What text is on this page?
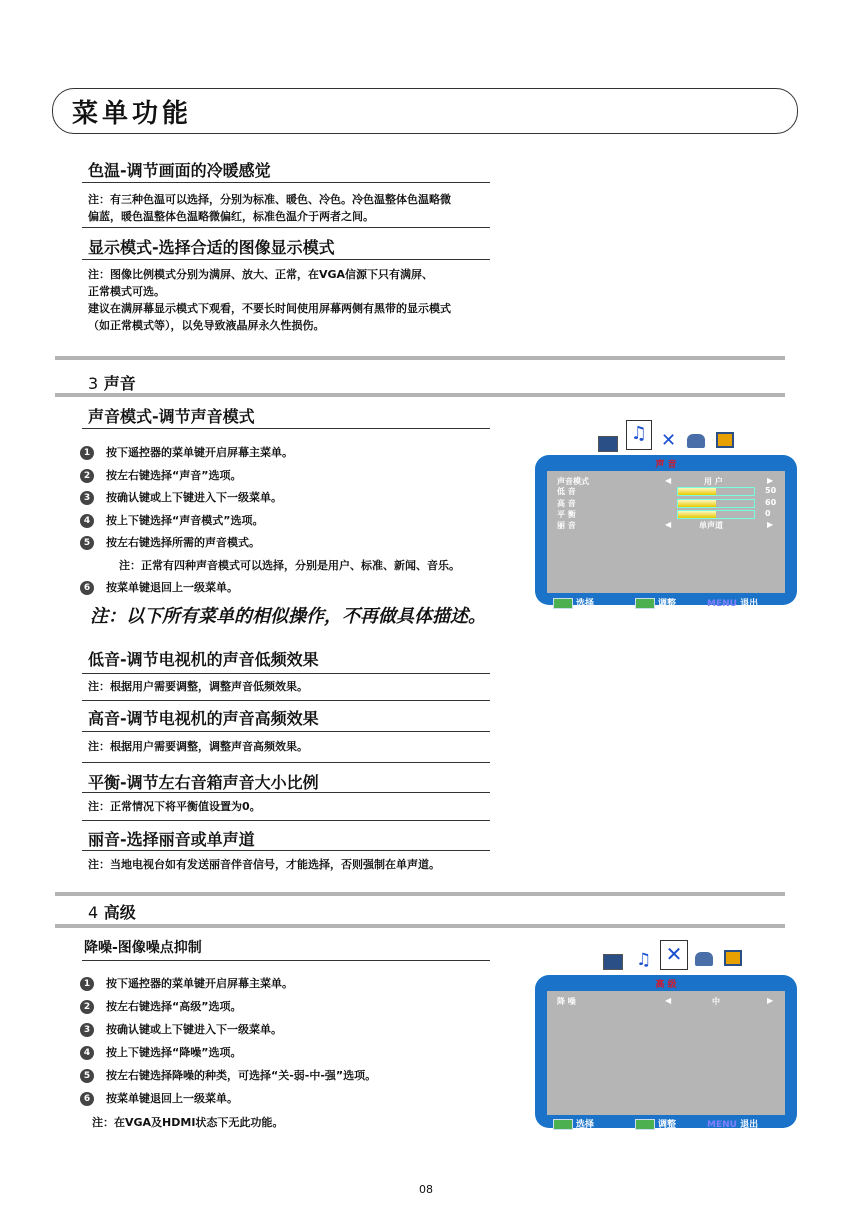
菜单功能
色温-调节画面的冷暖感觉
注：有三种色温可以选择，分别为标准、暖色、冷色。冷色温整体色温略微
偏蓝，暖色温整体色温略微偏红，标准色温介于两者之间。
显示模式-选择合适的图像显示模式
注：图像比例模式分别为满屏、放大、正常，在VGA信源下只有满屏、
正常模式可选。
建议在满屏幕显示模式下观看，不要长时间使用屏幕两侧有黑带的显示模式
（如正常模式等），以免导致液晶屏永久性损伤。
3 声音
声音模式-调节声音模式
1 按下遥控器的菜单键开启屏幕主菜单。
2 按左右键选择“声音”选项。
3 按确认键或上下键进入下一级菜单。
4 按上下键选择“声音模式”选项。
5 按左右键选择所需的声音模式。
注：正常有四种声音模式可以选择，分别是用户、标准、新闻、音乐。
6 按菜单键退回上一级菜单。
注：以下所有菜单的相似操作，不再做具体描述。
♫ ✕
声 音
声音模式	◀	用 户	▶
低 音	50
高 音	60
平 衡	0
丽 音	◀	单声道	▶
选择	调整	MENU 退出
低音-调节电视机的声音低频效果
注：根据用户需要调整，调整声音低频效果。
高音-调节电视机的声音高频效果
注：根据用户需要调整，调整声音高频效果。
平衡-调节左右音箱声音大小比例
注：正常情况下将平衡值设置为0。
丽音-选择丽音或单声道
注：当地电视台如有发送丽音伴音信号，才能选择，否则强制在单声道。
4 高级
降噪-图像噪点抑制
1 按下遥控器的菜单键开启屏幕主菜单。
2 按左右键选择“高级”选项。
3 按确认键或上下键进入下一级菜单。
4 按上下键选择“降噪”选项。
5 按左右键选择降噪的种类，可选择“关-弱-中-强”选项。
6 按菜单键退回上一级菜单。
注：在VGA及HDMI状态下无此功能。
♫ ✕
高 级
降 噪	◀	中	▶
选择	调整	MENU 退出
08
